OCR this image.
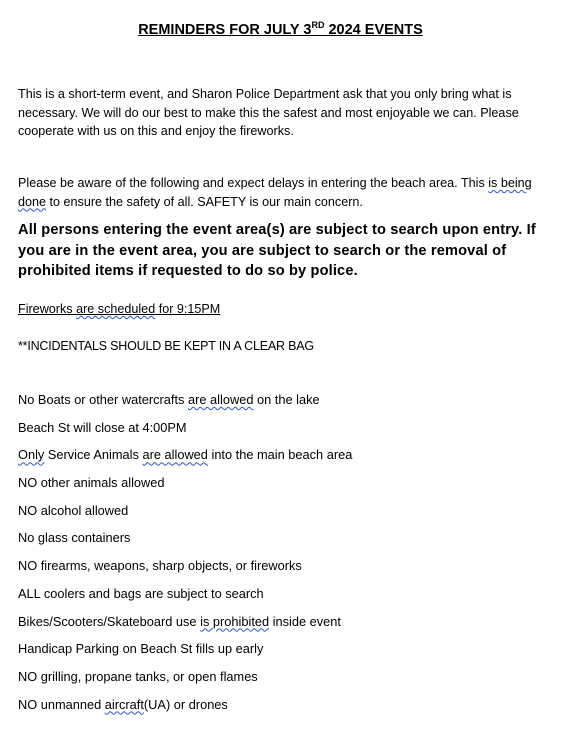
REMINDERS FOR JULY 3RD 2024 EVENTS
This is a short-term event, and Sharon Police Department ask that you only bring what is
necessary. We will do our best to make this the safest and most enjoyable we can. Please
cooperate with us on this and enjoy the fireworks.
Please be aware of the following and expect delays in entering the beach area. This is being
done to ensure the safety of all. SAFETY is our main concern.
All persons entering the event area(s) are subject to search upon entry. If you are in the event area, you are subject to search or the removal of prohibited items if requested to do so by police.
Fireworks are scheduled for 9:15PM
**INCIDENTALS SHOULD BE KEPT IN A CLEAR BAG
No Boats or other watercrafts are allowed on the lake
Beach St will close at 4:00PM
Only Service Animals are allowed into the main beach area
NO other animals allowed
NO alcohol allowed
No glass containers
NO firearms, weapons, sharp objects, or fireworks
ALL coolers and bags are subject to search
Bikes/Scooters/Skateboard use is prohibited inside event
Handicap Parking on Beach St fills up early
NO grilling, propane tanks, or open flames
NO unmanned aircraft(UA) or drones
